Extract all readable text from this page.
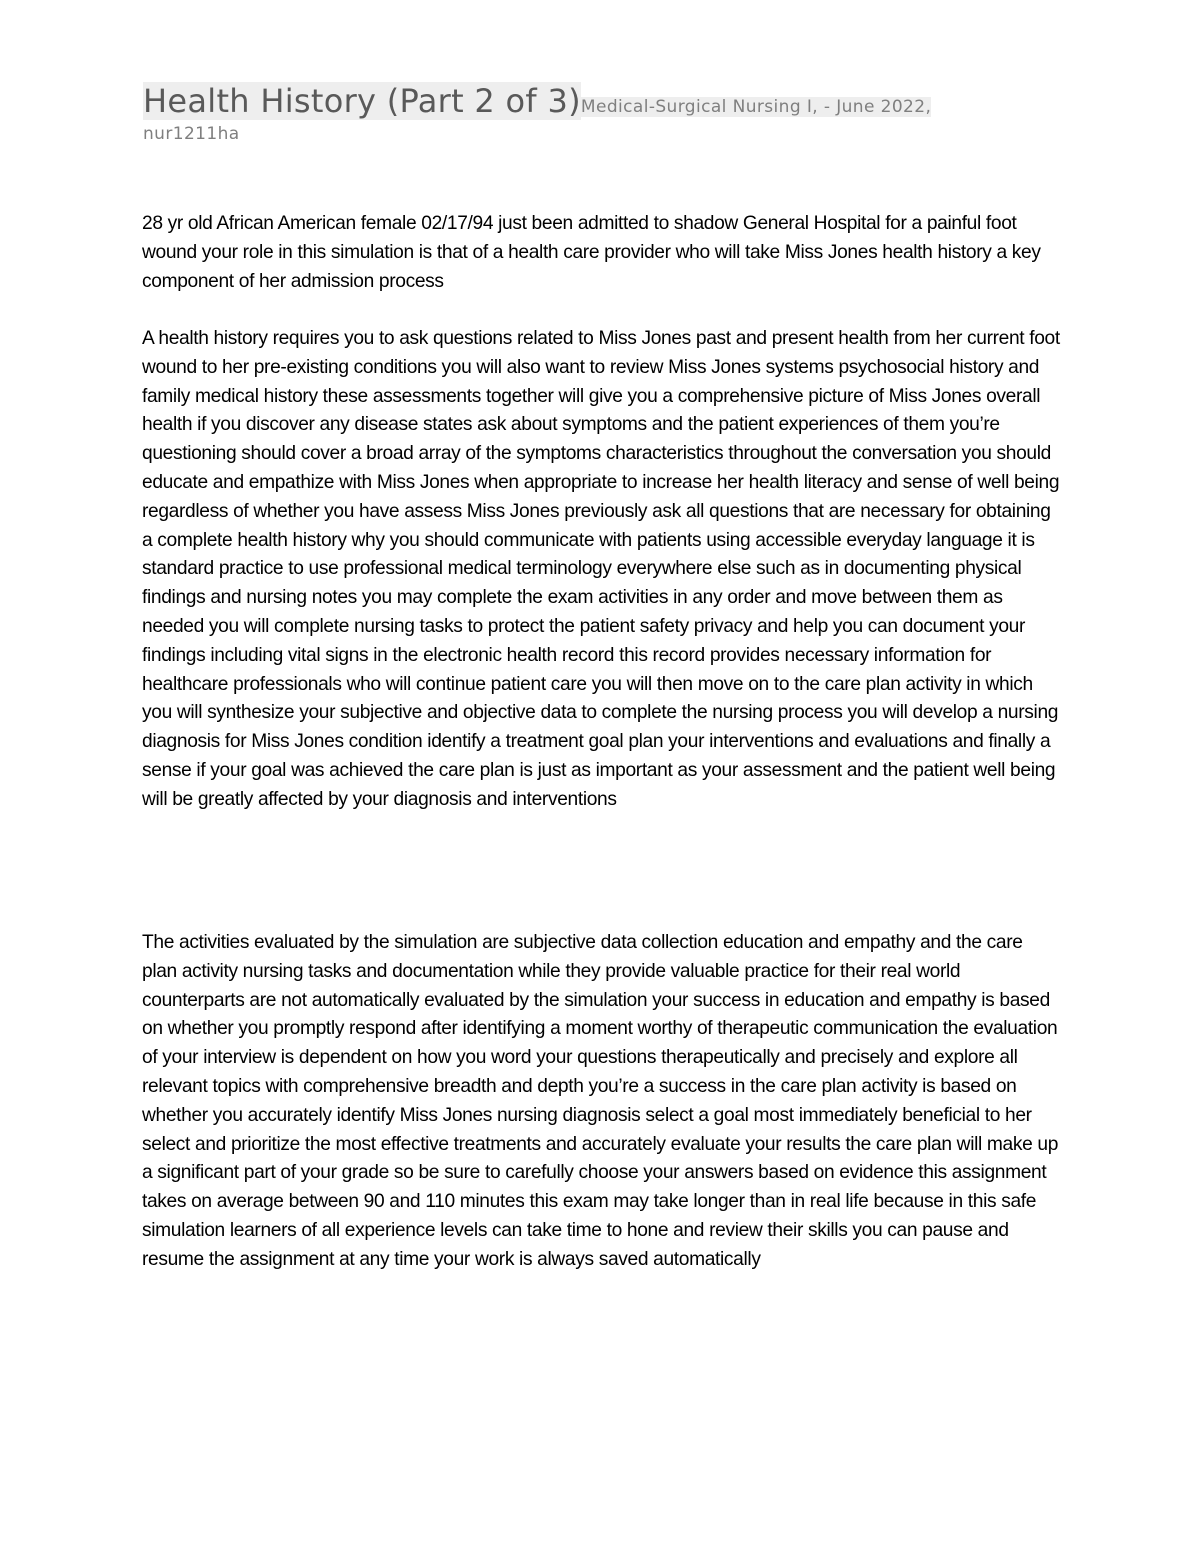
Health History (Part 2 of 3)Medical-Surgical Nursing I, - June 2022,
nur1211ha

28 yr old African American female 02/17/94 just been admitted to shadow General Hospital for a painful foot wound your role in this simulation is that of a health care provider who will take Miss Jones health history a key component of her admission process

A health history requires you to ask questions related to Miss Jones past and present health from her current foot wound to her pre-existing conditions you will also want to review Miss Jones systems psychosocial history and family medical history these assessments together will give you a comprehensive picture of Miss Jones overall health if you discover any disease states ask about symptoms and the patient experiences of them you’re questioning should cover a broad array of the symptoms characteristics throughout the conversation you should educate and empathize with Miss Jones when appropriate to increase her health literacy and sense of well being regardless of whether you have assess Miss Jones previously ask all questions that are necessary for obtaining a complete health history why you should communicate with patients using accessible everyday language it is standard practice to use professional medical terminology everywhere else such as in documenting physical findings and nursing notes you may complete the exam activities in any order and move between them as needed you will complete nursing tasks to protect the patient safety privacy and help you can document your findings including vital signs in the electronic health record this record provides necessary information for healthcare professionals who will continue patient care you will then move on to the care plan activity in which you will synthesize your subjective and objective data to complete the nursing process you will develop a nursing diagnosis for Miss Jones condition identify a treatment goal plan your interventions and evaluations and finally a sense if your goal was achieved the care plan is just as important as your assessment and the patient well being will be greatly affected by your diagnosis and interventions

The activities evaluated by the simulation are subjective data collection education and empathy and the care plan activity nursing tasks and documentation while they provide valuable practice for their real world counterparts are not automatically evaluated by the simulation your success in education and empathy is based on whether you promptly respond after identifying a moment worthy of therapeutic communication the evaluation of your interview is dependent on how you word your questions therapeutically and precisely and explore all relevant topics with comprehensive breadth and depth you’re a success in the care plan activity is based on whether you accurately identify Miss Jones nursing diagnosis select a goal most immediately beneficial to her select and prioritize the most effective treatments and accurately evaluate your results the care plan will make up a significant part of your grade so be sure to carefully choose your answers based on evidence this assignment takes on average between 90 and 110 minutes this exam may take longer than in real life because in this safe simulation learners of all experience levels can take time to hone and review their skills you can pause and resume the assignment at any time your work is always saved automatically
